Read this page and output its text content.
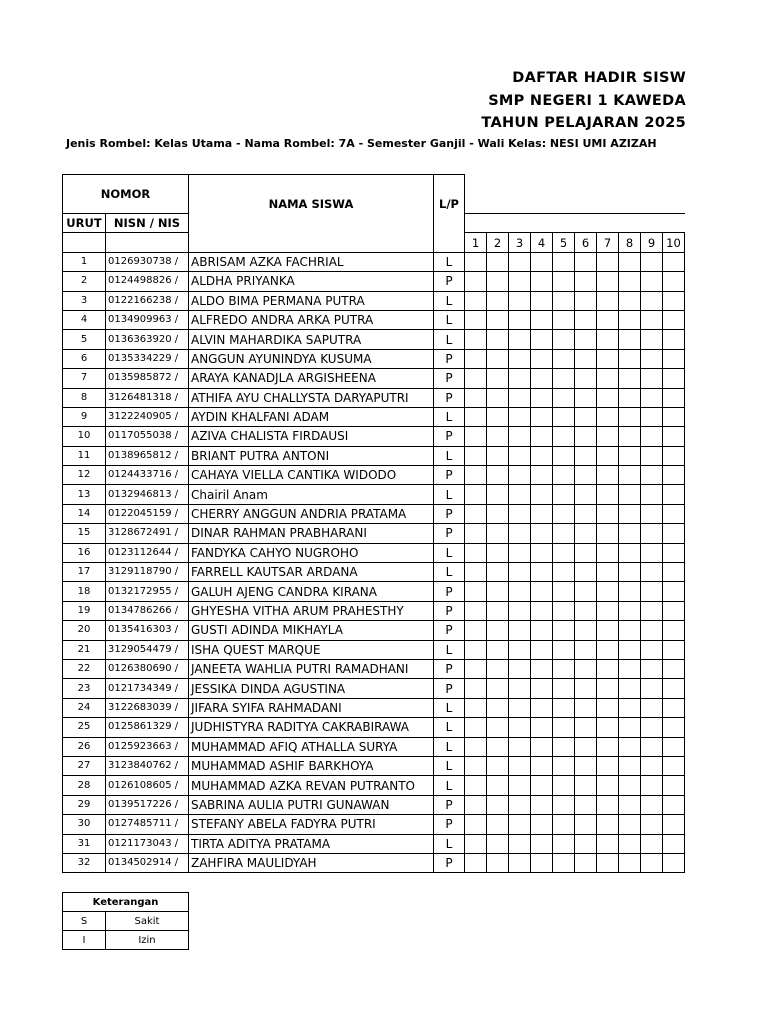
DAFTAR HADIR SISW
SMP NEGERI 1 KAWEDA
TAHUN PELAJARAN 2025
Jenis Rombel: Kelas Utama - Nama Rombel: 7A - Semester Ganjil - Wali Kelas: NESI UMI AZIZAH
NOMOR		NAMA SISWA	L/P										
URUT	NISN / NIS												
				1	2	3	4	5	6	7	8	9	10
1	0126930738 /	ABRISAM AZKA FACHRIAL	L										
2	0124498826 /	ALDHA PRIYANKA	P										
3	0122166238 /	ALDO BIMA PERMANA PUTRA	L										
4	0134909963 /	ALFREDO ANDRA ARKA PUTRA	L										
5	0136363920 /	ALVIN MAHARDIKA SAPUTRA	L										
6	0135334229 /	ANGGUN AYUNINDYA KUSUMA	P										
7	0135985872 /	ARAYA KANADJLA ARGISHEENA	P										
8	3126481318 /	ATHIFA AYU CHALLYSTA DARYAPUTRI	P										
9	3122240905 /	AYDIN KHALFANI ADAM	L										
10	0117055038 /	AZIVA CHALISTA FIRDAUSI	P										
11	0138965812 /	BRIANT PUTRA ANTONI	L										
12	0124433716 /	CAHAYA VIELLA CANTIKA WIDODO	P										
13	0132946813 /	Chairil Anam	L										
14	0122045159 /	CHERRY ANGGUN ANDRIA PRATAMA	P										
15	3128672491 /	DINAR RAHMAN PRABHARANI	P										
16	0123112644 /	FANDYKA CAHYO NUGROHO	L										
17	3129118790 /	FARRELL KAUTSAR ARDANA	L										
18	0132172955 /	GALUH AJENG CANDRA KIRANA	P										
19	0134786266 /	GHYESHA VITHA ARUM PRAHESTHY	P										
20	0135416303 /	GUSTI ADINDA MIKHAYLA	P										
21	3129054479 /	ISHA QUEST MARQUE	L										
22	0126380690 /	JANEETA WAHLIA PUTRI RAMADHANI	P										
23	0121734349 /	JESSIKA DINDA AGUSTINA	P										
24	3122683039 /	JIFARA SYIFA RAHMADANI	L										
25	0125861329 /	JUDHISTYRA RADITYA CAKRABIRAWA	L										
26	0125923663 /	MUHAMMAD AFIQ ATHALLA SURYA	L										
27	3123840762 /	MUHAMMAD ASHIF BARKHOYA	L										
28	0126108605 /	MUHAMMAD AZKA REVAN PUTRANTO	L										
29	0139517226 /	SABRINA AULIA PUTRI GUNAWAN	P										
30	0127485711 /	STEFANY ABELA FADYRA PUTRI	P										
31	0121173043 /	TIRTA ADITYA PRATAMA	L										
32	0134502914 /	ZAHFIRA MAULIDYAH	P										
Keterangan	
S	Sakit
I	Izin
